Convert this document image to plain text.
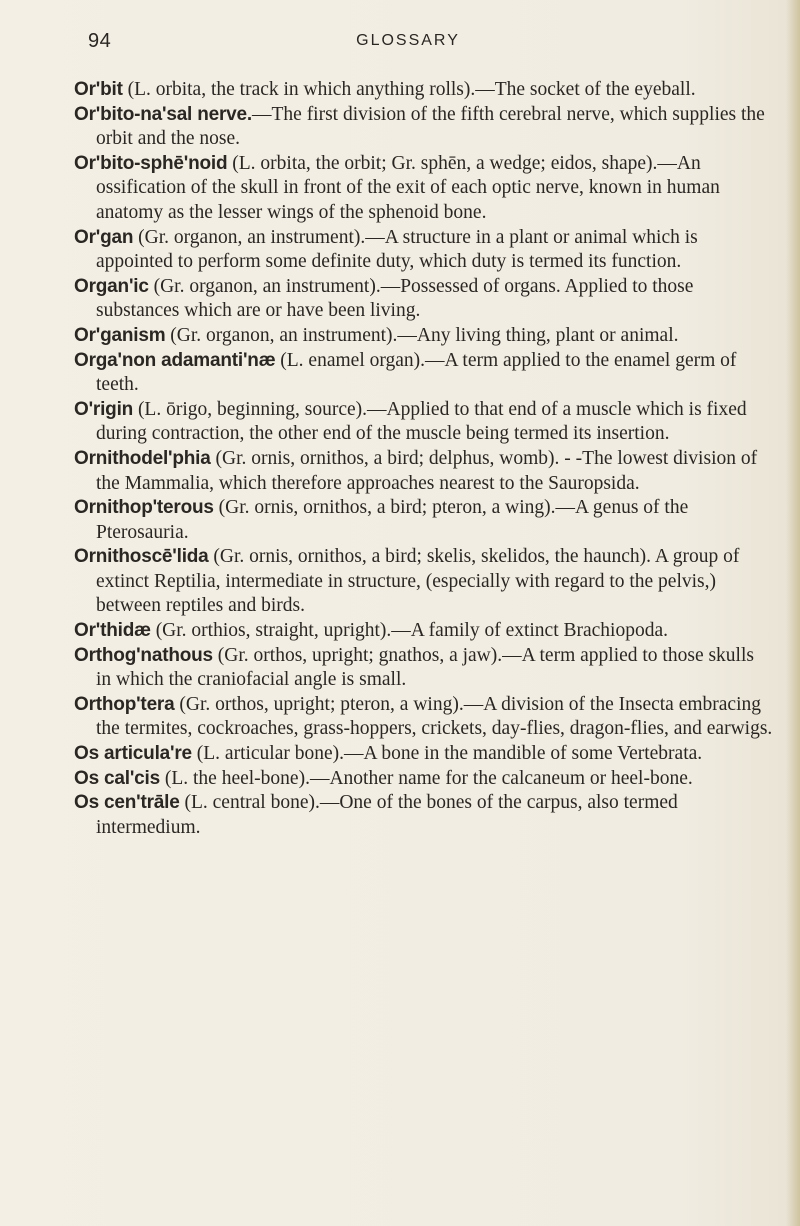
94	GLOSSARY

Or'bit (L. orbita, the track in which anything rolls).—The socket of the eyeball.

Or'bito-na'sal nerve.—The first division of the fifth cerebral nerve, which supplies the orbit and the nose.

Or'bito-sphē'noid (L. orbita, the orbit; Gr. sphēn, a wedge; eidos, shape).—An ossification of the skull in front of the exit of each optic nerve, known in human anatomy as the lesser wings of the sphenoid bone.

Or'gan (Gr. organon, an instrument).—A structure in a plant or animal which is appointed to perform some definite duty, which duty is termed its function.

Organ'ic (Gr. organon, an instrument).—Possessed of organs. Applied to those substances which are or have been living.

Or'ganism (Gr. organon, an instrument).—Any living thing, plant or animal.

Orga'non adamanti'næ (L. enamel organ).—A term applied to the enamel germ of teeth.

O'rigin (L. ōrigo, beginning, source).—Applied to that end of a muscle which is fixed during contraction, the other end of the muscle being termed its insertion.

Ornithodel'phia (Gr. ornis, ornithos, a bird; delphus, womb). - -The lowest division of the Mammalia, which therefore approaches nearest to the Sauropsida.

Ornithop'terous (Gr. ornis, ornithos, a bird; pteron, a wing).—A genus of the Pterosauria.

Ornithoscē'lida (Gr. ornis, ornithos, a bird; skelis, skelidos, the haunch). A group of extinct Reptilia, intermediate in structure, (especially with regard to the pelvis,) between reptiles and birds.

Or'thidæ (Gr. orthios, straight, upright).—A family of extinct Brachiopoda.

Orthog'nathous (Gr. orthos, upright; gnathos, a jaw).—A term applied to those skulls in which the craniofacial angle is small.

Orthop'tera (Gr. orthos, upright; pteron, a wing).—A division of the Insecta embracing the termites, cockroaches, grass-hoppers, crickets, day-flies, dragon-flies, and earwigs.

Os articula're (L. articular bone).—A bone in the mandible of some Vertebrata.

Os cal'cis (L. the heel-bone).—Another name for the calcaneum or heel-bone.

Os cen'trāle (L. central bone).—One of the bones of the carpus, also termed intermedium.
